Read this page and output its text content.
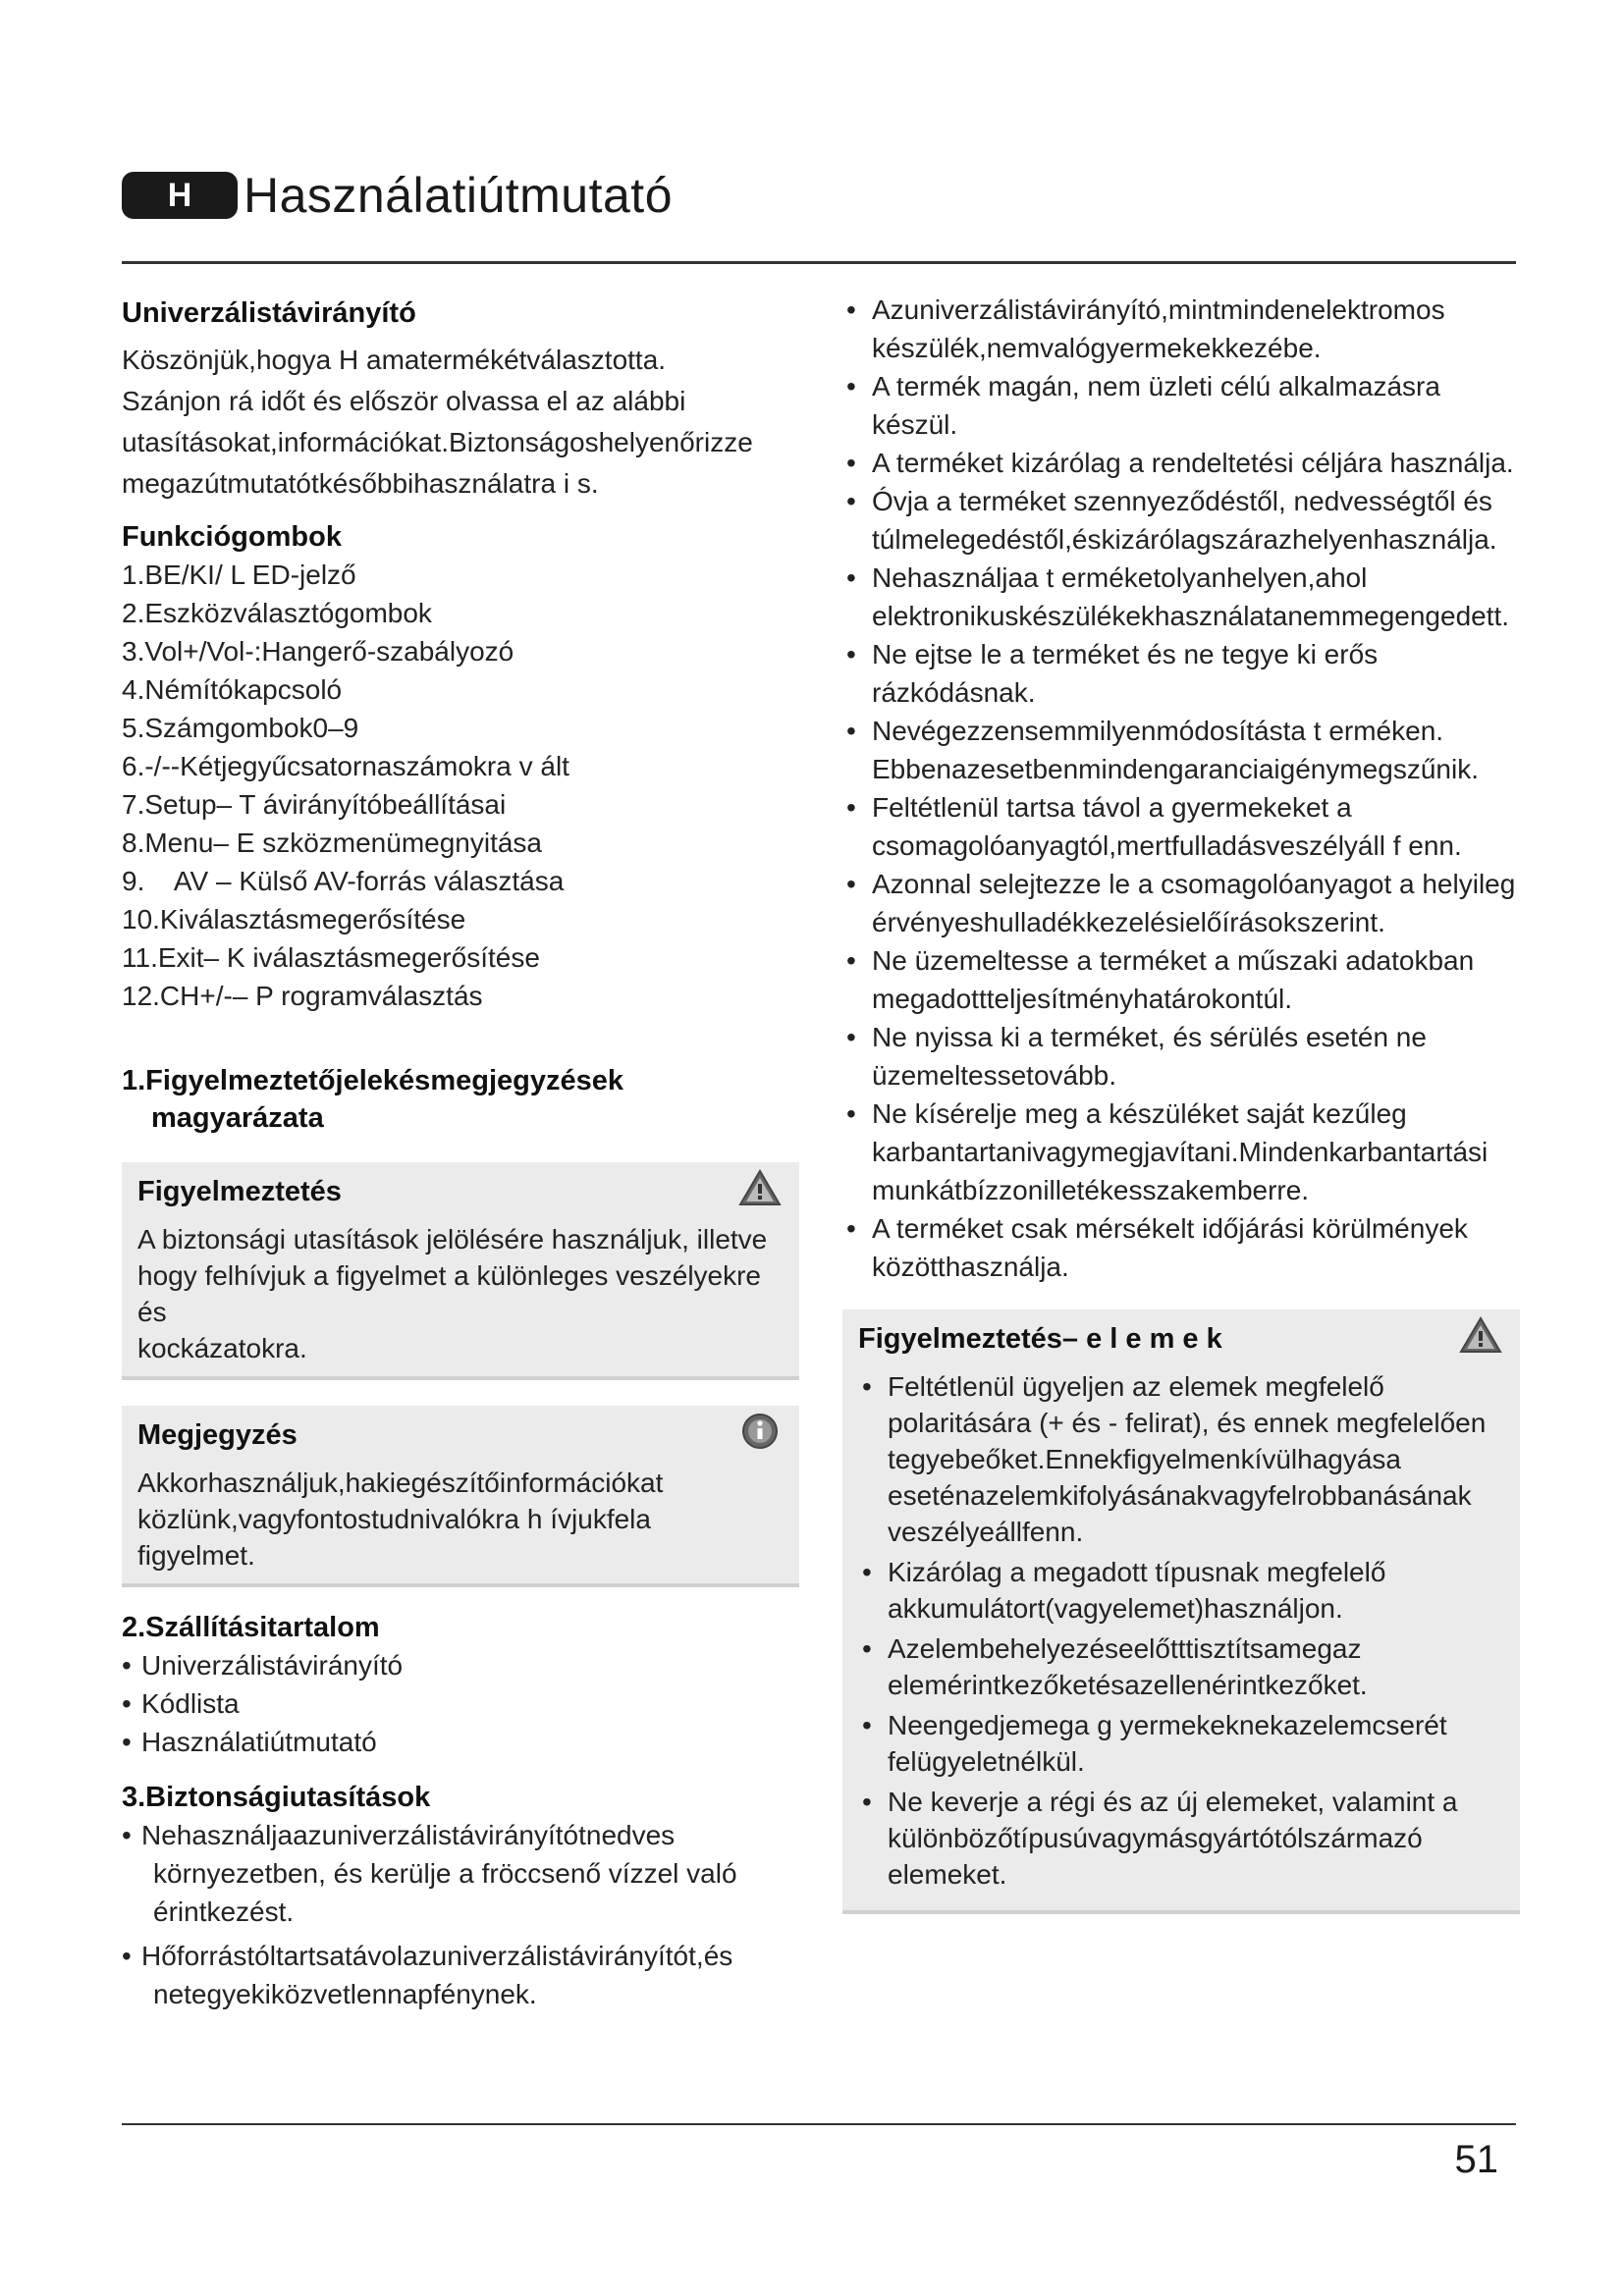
H	Használatiútmutató
Univerzálistávirányító

Köszönjük,hogya H amatermékétválasztotta.

Szánjon rá időt és először olvassa el az alábbi

utasításokat,információkat.Biztonságoshelyenőrizze

megazútmutatótkésőbbihasználatra i s.

Funkciógombok
1.BE/KI/ L ED-jelző
2.Eszközválasztógombok
3.Vol+/Vol-:Hangerő-szabályozó
4.Némítókapcsoló
5.Számgombok0–9
6.-/--Kétjegyűcsatornaszámokra v ált
7.Setup– T ávirányítóbeállításai
8.Menu– E szközmenümegnyitása
9.    AV – Külső AV-forrás választása
10.Kiválasztásmegerősítése
11.Exit– K iválasztásmegerősítése
12.CH+/-– P rogramválasztás
1.Figyelmeztetőjelekésmegjegyzések
magyarázata
Figyelmeztetés

A biztonsági utasítások jelölésére használjuk, illetve

hogy felhívjuk a figyelmet a különleges veszélyekre és

kockázatokra.

Megjegyzés

Akkorhasználjuk,hakiegészítőinformációkat

közlünk,vagyfontostudnivalókra h ívjukfela

figyelmet.

2.Szállításitartalom
• Univerzálistávirányító
• Kódlista
• Használatiútmutató
3.Biztonságiutasítások
• Nehasználjaazuniverzálistávirányítótnedves
környezetben, és kerülje a fröccsenő vízzel való
érintkezést.
• Hőforrástóltartsatávolazuniverzálistávirányítót,és
netegyekiközvetlennapfénynek.
• Azuniverzálistávirányító,mintmindenelektromos
készülék,nemvalógyermekekkezébe.
• A termék magán, nem üzleti célú alkalmazásra készül.
• A terméket kizárólag a rendeltetési céljára használja.
• Óvja a terméket szennyeződéstől, nedvességtől és
túlmelegedéstől,éskizárólagszárazhelyenhasználja.
• Nehasználjaa t erméketolyanhelyen,ahol
elektronikuskészülékekhasználatanemmegengedett.
• Ne ejtse le a terméket és ne tegye ki erős
rázkódásnak.
• Nevégezzensemmilyenmódosítástа t erméken.
Ebbenazesetbenmindengaranciaigénymegszűnik.
• Feltétlenül tartsa távol a gyermekeket a
csomagolóanyagtól,mertfulladásveszélyáll f enn.
• Azonnal selejtezze le a csomagolóanyagot a helyileg
érvényeshulladékkezelésielőírásokszerint.
• Ne üzemeltesse a terméket a műszaki adatokban
megadottteljesítményhatárokontúl.
• Ne nyissa ki a terméket, és sérülés esetén ne
üzemeltessetovább.
• Ne kísérelje meg a készüléket saját kezűleg
karbantartanivagymegjavítani.Mindenkarbantartási
munkátbízzonilletékesszakemberre.
• A terméket csak mérsékelt időjárási körülmények
közötthasználja.
Figyelmeztetés– e l e m e k
• Feltétlenül ügyeljen az elemek megfelelő
polaritására (+ és - felirat), és ennek megfelelően
tegyebeőket.Ennekfigyelmenkívülhagyása
eseténazelemkifolyásánakvagyfelrobbanásának
veszélyeállfenn.
• Kizárólag a megadott típusnak megfelelő
akkumulátort(vagyelemet)használjon.
• Azelembehelyezéseelőtttisztítsamegaz
elemérintkezőketésazellenérintkezőket.
• Neengedjemega g yermekeknekazelemcserét
felügyeletnélkül.
• Ne keverje a régi és az új elemeket, valamint a
különbözőtípusúvagymásgyártótólszármazó
elemeket.
51
